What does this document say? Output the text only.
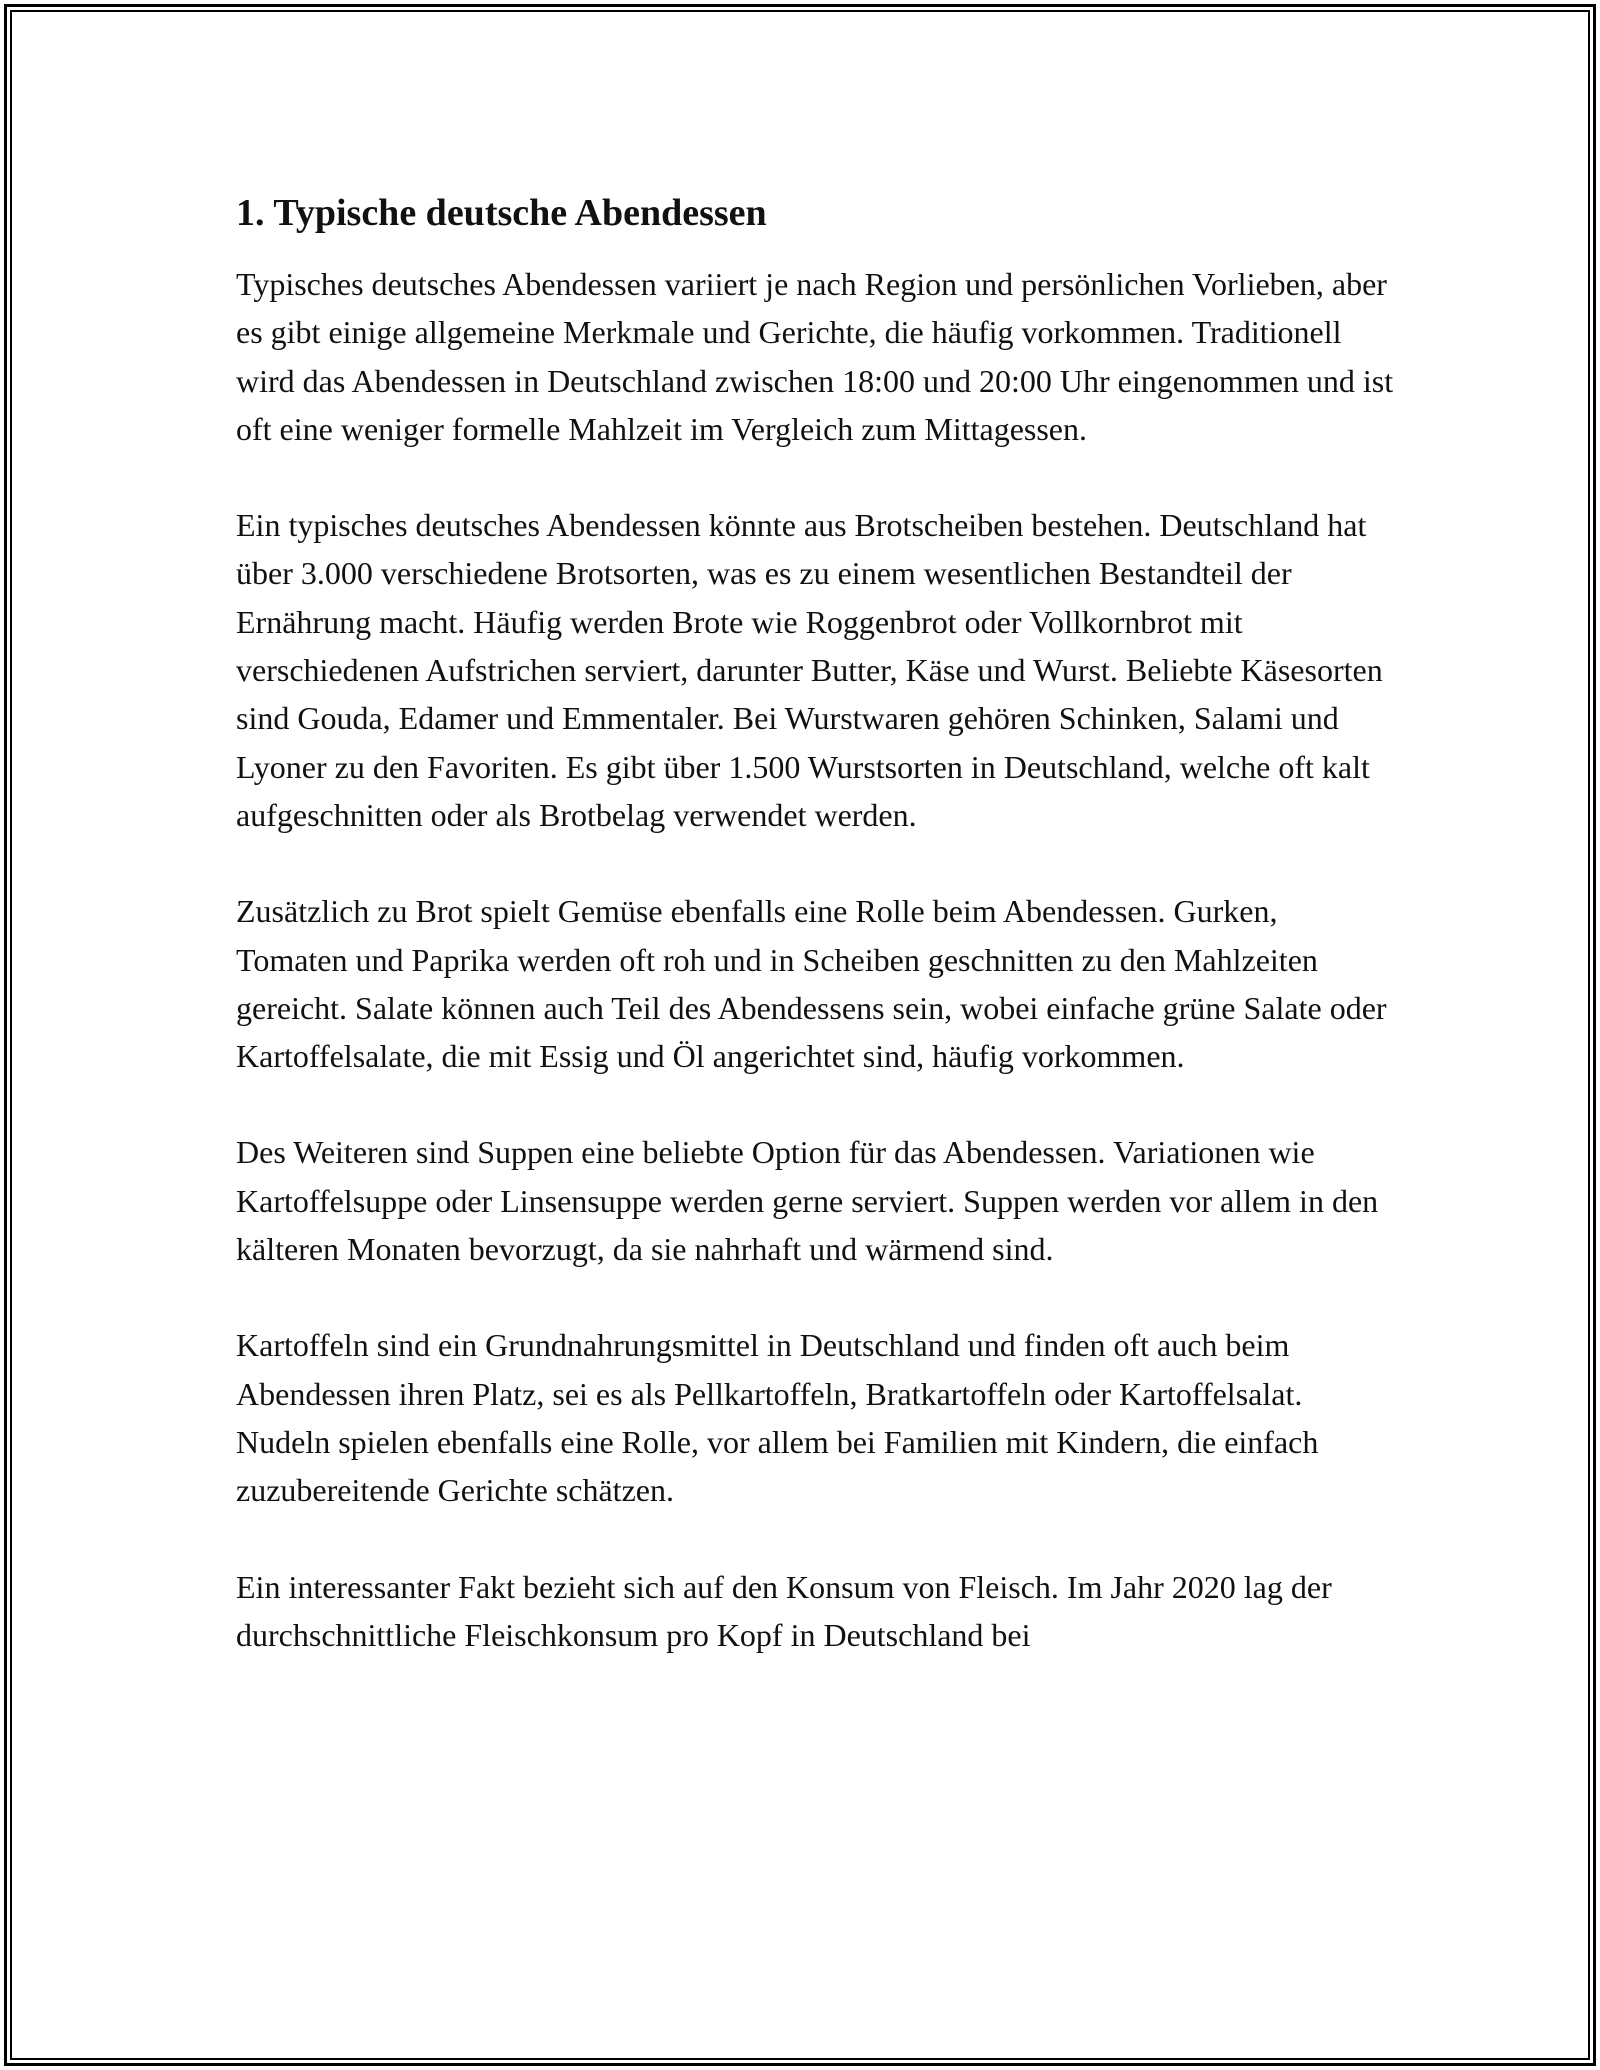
1. Typische deutsche Abendessen

Typisches deutsches Abendessen variiert je nach Region und persönlichen Vorlieben, aber es gibt einige allgemeine Merkmale und Gerichte, die häufig vorkommen. Traditionell wird das Abendessen in Deutschland zwischen 18:00 und 20:00 Uhr eingenommen und ist oft eine weniger formelle Mahlzeit im Vergleich zum Mittagessen.

Ein typisches deutsches Abendessen könnte aus Brotscheiben bestehen. Deutschland hat über 3.000 verschiedene Brotsorten, was es zu einem wesentlichen Bestandteil der Ernährung macht. Häufig werden Brote wie Roggenbrot oder Vollkornbrot mit verschiedenen Aufstrichen serviert, darunter Butter, Käse und Wurst. Beliebte Käsesorten sind Gouda, Edamer und Emmentaler. Bei Wurstwaren gehören Schinken, Salami und Lyoner zu den Favoriten. Es gibt über 1.500 Wurstsorten in Deutschland, welche oft kalt aufgeschnitten oder als Brotbelag verwendet werden.

Zusätzlich zu Brot spielt Gemüse ebenfalls eine Rolle beim Abendessen. Gurken, Tomaten und Paprika werden oft roh und in Scheiben geschnitten zu den Mahlzeiten gereicht. Salate können auch Teil des Abendessens sein, wobei einfache grüne Salate oder Kartoffelsalate, die mit Essig und Öl angerichtet sind, häufig vorkommen.

Des Weiteren sind Suppen eine beliebte Option für das Abendessen. Variationen wie Kartoffelsuppe oder Linsensuppe werden gerne serviert. Suppen werden vor allem in den kälteren Monaten bevorzugt, da sie nahrhaft und wärmend sind.

Kartoffeln sind ein Grundnahrungsmittel in Deutschland und finden oft auch beim Abendessen ihren Platz, sei es als Pellkartoffeln, Bratkartoffeln oder Kartoffelsalat. Nudeln spielen ebenfalls eine Rolle, vor allem bei Familien mit Kindern, die einfach zuzubereitende Gerichte schätzen.

Ein interessanter Fakt bezieht sich auf den Konsum von Fleisch. Im Jahr 2020 lag der durchschnittliche Fleischkonsum pro Kopf in Deutschland bei
